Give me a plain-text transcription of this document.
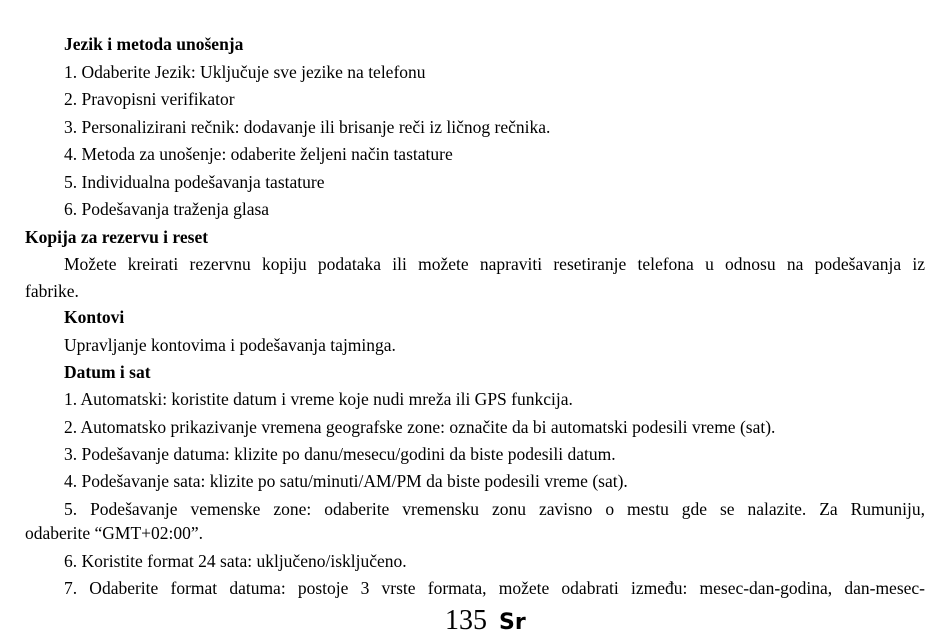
Jezik i metoda unošenja
1. Odaberite Jezik: Uključuje sve jezike na telefonu
2. Pravopisni verifikator
3. Personalizirani rečnik: dodavanje ili brisanje reči iz ličnog rečnika.
4. Metoda za unošenje: odaberite željeni način tastature
5. Individualna podešavanja tastature
6. Podešavanja traženja glasa
Kopija za rezervu i reset
Možete kreirati rezervnu kopiju podataka ili možete napraviti resetiranje telefona u odnosu na podešavanja iz
fabrike.
Kontovi
Upravljanje kontovima i podešavanja tajminga.
Datum i sat
1. Automatski: koristite datum i vreme koje nudi mreža ili GPS funkcija.
2. Automatsko prikazivanje vremena geografske zone: označite da bi automatski podesili vreme (sat).
3. Podešavanje datuma: klizite po danu/mesecu/godini da biste podesili datum.
4. Podešavanje sata: klizite po satu/minuti/AM/PM da biste podesili vreme (sat).
5. Podešavanje vemenske zone: odaberite vremensku zonu zavisno o mestu gde se nalazite. Za Rumuniju,
odaberite “GMT+02:00”.
6. Koristite format 24 sata: uključeno/isključeno.
7. Odaberite format datuma: postoje 3 vrste formata, možete odabrati između: mesec-dan-godina, dan-mesec-
135 Sr
